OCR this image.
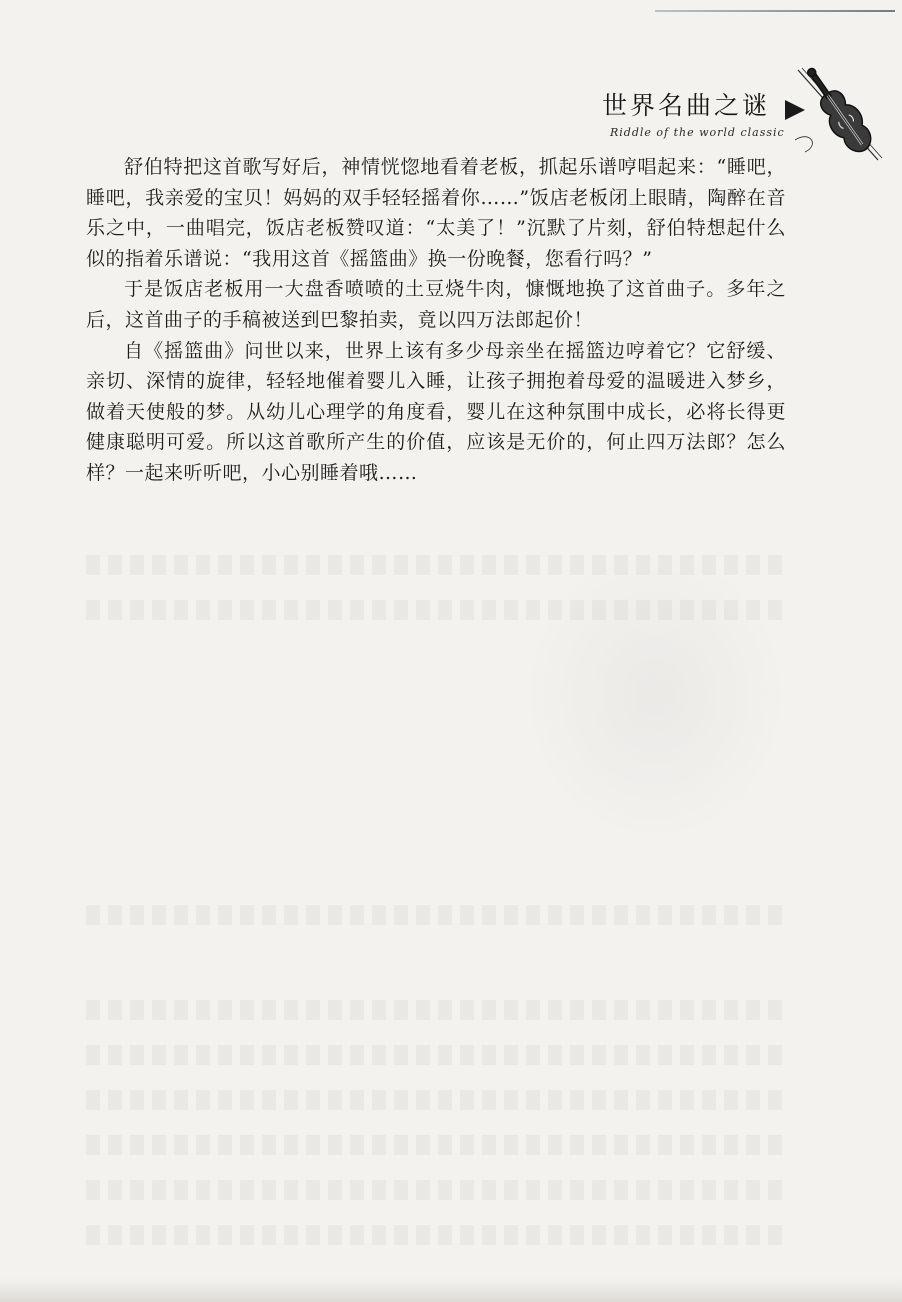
世界名曲之谜
Riddle of the world classic

舒伯特把这首歌写好后，神情恍惚地看着老板，抓起乐谱哼唱起来：“睡吧，睡吧，我亲爱的宝贝！妈妈的双手轻轻摇着你……”饭店老板闭上眼睛，陶醉在音乐之中，一曲唱完，饭店老板赞叹道：“太美了！”沉默了片刻，舒伯特想起什么似的指着乐谱说：“我用这首《摇篮曲》换一份晚餐，您看行吗？”

于是饭店老板用一大盘香喷喷的土豆烧牛肉，慷慨地换了这首曲子。多年之后，这首曲子的手稿被送到巴黎拍卖，竟以四万法郎起价！

自《摇篮曲》问世以来，世界上该有多少母亲坐在摇篮边哼着它？它舒缓、亲切、深情的旋律，轻轻地催着婴儿入睡，让孩子拥抱着母爱的温暖进入梦乡，做着天使般的梦。从幼儿心理学的角度看，婴儿在这种氛围中成长，必将长得更健康聪明可爱。所以这首歌所产生的价值，应该是无价的，何止四万法郎？怎么样？一起来听听吧，小心别睡着哦……
